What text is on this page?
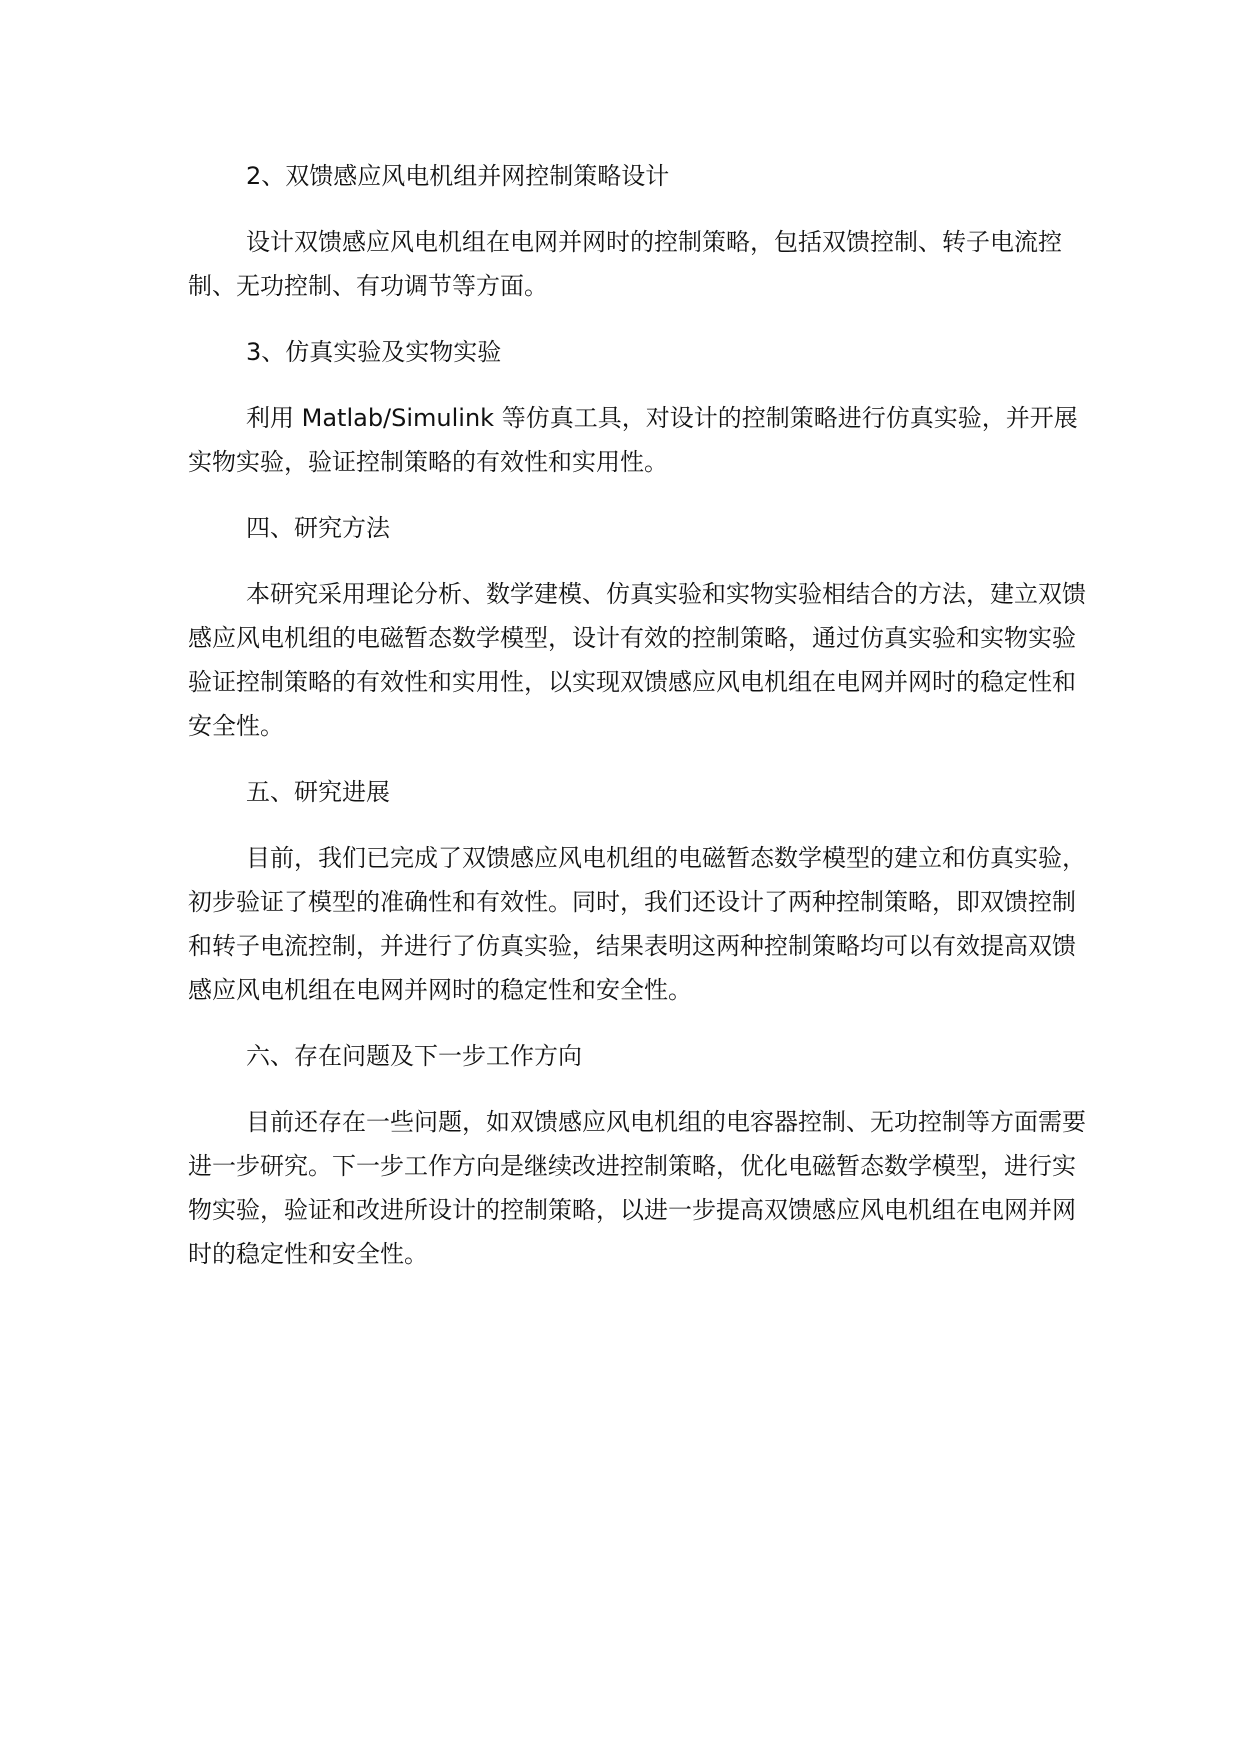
2、双馈感应风电机组并网控制策略设计

设计双馈感应风电机组在电网并网时的控制策略，包括双馈控制、转子电流控制、无功控制、有功调节等方面。

3、仿真实验及实物实验

利用 Matlab/Simulink 等仿真工具，对设计的控制策略进行仿真实验，并开展实物实验，验证控制策略的有效性和实用性。

四、研究方法

本研究采用理论分析、数学建模、仿真实验和实物实验相结合的方法，建立双馈感应风电机组的电磁暂态数学模型，设计有效的控制策略，通过仿真实验和实物实验验证控制策略的有效性和实用性，以实现双馈感应风电机组在电网并网时的稳定性和安全性。

五、研究进展

目前，我们已完成了双馈感应风电机组的电磁暂态数学模型的建立和仿真实验，初步验证了模型的准确性和有效性。同时，我们还设计了两种控制策略，即双馈控制和转子电流控制，并进行了仿真实验，结果表明这两种控制策略均可以有效提高双馈感应风电机组在电网并网时的稳定性和安全性。

六、存在问题及下一步工作方向

目前还存在一些问题，如双馈感应风电机组的电容器控制、无功控制等方面需要进一步研究。下一步工作方向是继续改进控制策略，优化电磁暂态数学模型，进行实物实验，验证和改进所设计的控制策略，以进一步提高双馈感应风电机组在电网并网时的稳定性和安全性。
